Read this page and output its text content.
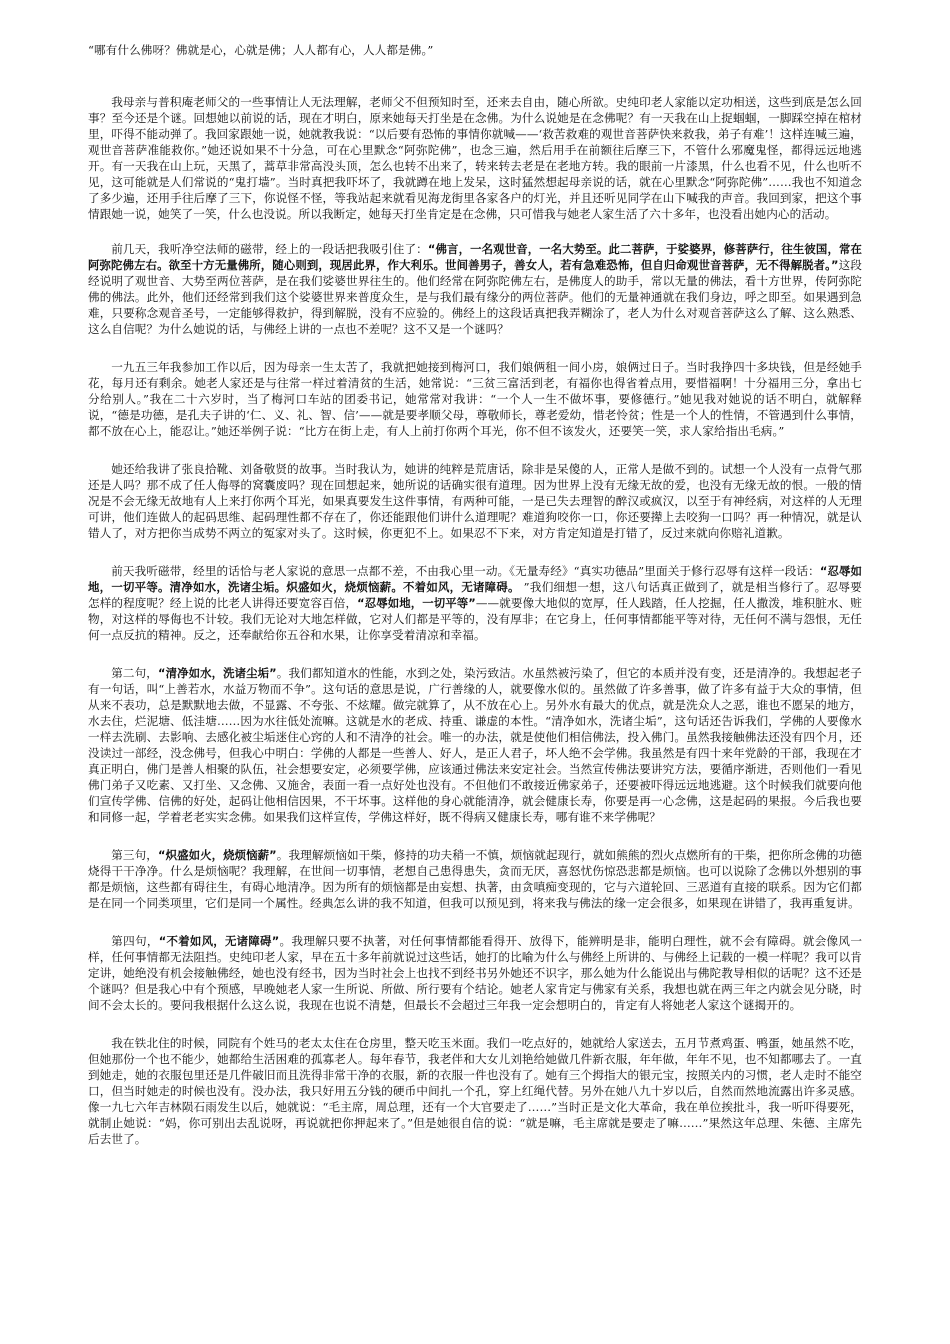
“哪有什么佛呀？佛就是心，心就是佛；人人都有心，人人都是佛。”

我母亲与普积庵老师父的一些事情让人无法理解，老师父不但预知时至，还来去自由，随心所欲。史纯印老人家能以定功相送，这些到底是怎么回事？至今还是个谜。回想她以前说的话，现在才明白，原来她每天打坐是在念佛。为什么说她是在念佛呢？有一天我在山上捉蝈蝈，一脚踩空掉在棺材里，吓得不能动弹了。我回家跟她一说，她就教我说：“以后要有恐怖的事情你就喊——‘救苦救难的观世音菩萨快来救我，弟子有难’！这样连喊三遍，观世音菩萨准能救你。”她还说如果不十分急，可在心里默念“阿弥陀佛”，也念三遍，然后用手在前额往后摩三下，不管什么邪魔鬼怪，都得远远地逃开。有一天我在山上玩，天黑了，蒿草非常高没头顶，怎么也转不出来了，转来转去老是在老地方转。我的眼前一片漆黑，什么也看不见，什么也听不见，这可能就是人们常说的“鬼打墙”。当时真把我吓坏了，我就蹲在地上发呆，这时猛然想起母亲说的话，就在心里默念“阿弥陀佛”……我也不知道念了多少遍，还用手往后摩了三下，你说怪不怪，等我站起来就看见海龙街里各家各户的灯光，并且还听见同学在山下喊我的声音。我回到家，把这个事情跟她一说，她笑了一笑，什么也没说。所以我断定，她每天打坐肯定是在念佛，只可惜我与她老人家生活了六十多年，也没看出她内心的活动。

前几天，我听净空法师的磁带，经上的一段话把我吸引住了：“佛言，一名观世音，一名大势至。此二菩萨，于娑婆界，修菩萨行，往生彼国，常在阿弥陀佛左右。欲至十方无量佛所，随心则到，现居此界，作大利乐。世间善男子，善女人，若有急难恐怖，但自归命观世音菩萨，无不得解脱者。”这段经说明了观世音、大势至两位菩萨，是在我们娑婆世界往生的。他们经常在阿弥陀佛左右，是佛度人的助手，常以无量的佛法，看十方世界，传阿弥陀佛的佛法。此外，他们还经常到我们这个娑婆世界来普度众生，是与我们最有缘分的两位菩萨。他们的无量神通就在我们身边，呼之即至。如果遇到急难，只要称念观音圣号，一定能够得救护，得到解脱，没有不应验的。佛经上的这段话真把我弄糊涂了，老人为什么对观音菩萨这么了解、这么熟悉、这么自信呢？为什么她说的话，与佛经上讲的一点也不差呢？这不又是一个谜吗？

一九五三年我参加工作以后，因为母亲一生太苦了，我就把她接到梅河口，我们娘俩租一间小房，娘俩过日子。当时我挣四十多块钱，但是经她手花，每月还有剩余。她老人家还是与往常一样过着清贫的生活，她常说：“三贫三富活到老，有福你也得省着点用，要惜福啊！十分福用三分，拿出七分给别人。”我在二十六岁时，当了梅河口车站的团委书记，她常常对我讲：“一个人一生不做坏事，要修德行。”她见我对她说的话不明白，就解释说，“德是功德，是孔夫子讲的‘仁、义、礼、智、信’——就是要孝顺父母，尊敬师长，尊老爱幼，惜老怜贫；性是一个人的性情，不管遇到什么事情，都不放在心上，能忍让。”她还举例子说：“比方在街上走，有人上前打你两个耳光，你不但不该发火，还要笑一笑，求人家给指出毛病。”

她还给我讲了张良拾靴、刘备敬贤的故事。当时我认为，她讲的纯粹是荒唐话，除非是呆傻的人，正常人是做不到的。试想一个人没有一点骨气那还是人吗？那不成了任人侮辱的窝囊废吗？现在回想起来，她所说的话确实很有道理。因为世界上没有无缘无故的爱，也没有无缘无故的恨。一般的情况是不会无缘无故地有人上来打你两个耳光，如果真要发生这件事情，有两种可能，一是已失去理智的醉汉或疯汉，以至于有神经病，对这样的人无理可讲，他们连做人的起码思维、起码理性都不存在了，你还能跟他们讲什么道理呢？难道狗咬你一口，你还要撵上去咬狗一口吗？再一种情况，就是认错人了，对方把你当成势不两立的冤家对头了。这时候，你更犯不上。如果忍不下来，对方肯定知道是打错了，反过来就向你赔礼道歉。

前天我听磁带，经里的话恰与老人家说的意思一点都不差，不由我心里一动。《无量寿经》“真实功德品”里面关于修行忍辱有这样一段话：“忍辱如地，一切平等。清净如水，洗诸尘垢。炽盛如火，烧烦恼薪。不着如风，无诸障碍。 ”我们细想一想，这八句话真正做到了，就是相当修行了。忍辱要怎样的程度呢？经上说的比老人讲得还要宽容百倍，“忍辱如地，一切平等”——就要像大地似的宽厚，任人践踏，任人挖掘，任人撒泼，堆积脏水、赃物，对这样的辱侮也不计较。我们无论对大地怎样做，它对人们都是平等的，没有厚非；在它身上，任何事情都能平等对待，无任何不满与怨恨，无任何一点反抗的精神。反之，还奉献给你五谷和水果，让你享受着清凉和幸福。

第二句，“清净如水，洗诸尘垢”。我们都知道水的性能，水到之处，染污致洁。水虽然被污染了，但它的本质并没有变，还是清净的。我想起老子有一句话，叫“上善若水，水益万物而不争”。这句话的意思是说，广行善缘的人，就要像水似的。虽然做了许多善事，做了许多有益于大众的事情，但从来不表功，总是默默地去做，不显露、不夸张、不炫耀。做完就算了，从不放在心上。另外水有最大的优点，就是洗众人之恶，谁也不愿呆的地方，水去住，烂泥塘、低洼塘……因为水往低处流嘛。这就是水的老成、持重、谦虚的本性。“清净如水，洗诸尘垢”，这句话还告诉我们，学佛的人要像水一样去洗刷、去影响、去感化被尘垢迷住心窍的人和不清净的社会。唯一的办法，就是使他们相信佛法，投入佛门。虽然我接触佛法还没有四个月，还没读过一部经，没念佛号，但我心中明白：学佛的人都是一些善人、好人，是正人君子，坏人绝不会学佛。我虽然是有四十来年党龄的干部，我现在才真正明白，佛门是善人相聚的队伍，社会想要安定，必须要学佛，应该通过佛法来安定社会。当然宣传佛法要讲究方法，要循序渐进，否则他们一看见佛门弟子又吃素、又打坐、又念佛、又施舍，表面一看一点好处也没有。不但他们不敢接近佛家弟子，还要被吓得远远地逃避。这个时候我们就要向他们宣传学佛、信佛的好处，起码让他相信因果，不干坏事。这样他的身心就能清净，就会健康长寿，你要是再一心念佛，这是起码的果报。今后我也要和同修一起，学着老老实实念佛。如果我们这样宣传，学佛这样好，既不得病又健康长寿，哪有谁不来学佛呢？

第三句，“炽盛如火，烧烦恼薪”。我理解烦恼如干柴，修持的功夫稍一不慎，烦恼就起现行，就如熊熊的烈火点燃所有的干柴，把你所念佛的功德烧得干干净净。什么是烦恼呢？我理解，在世间一切事情，老想自己患得患失，贪而无厌，喜怒忧伤惊恐悲都是烦恼。也可以说除了念佛以外想别的事都是烦恼，这些都有碍往生，有碍心地清净。因为所有的烦恼都是由妄想、执著，由贪嗔痴变现的，它与六道轮回、三恶道有直接的联系。因为它们都是在同一个同类项里，它们是同一个属性。经典怎么讲的我不知道，但我可以预见到，将来我与佛法的缘一定会很多，如果现在讲错了，我再重复讲。

第四句，“不着如风，无诸障碍”。我理解只要不执著，对任何事情都能看得开、放得下，能辨明是非，能明白理性，就不会有障碍。就会像风一样，任何事情都无法阻挡。史纯印老人家，早在五十多年前就说过这些话，她打的比喻为什么与佛经上所讲的、与佛经上记载的一模一样呢？我可以肯定讲，她绝没有机会接触佛经，她也没有经书，因为当时社会上也找不到经书另外她还不识字，那么她为什么能说出与佛陀教导相似的话呢？这不还是个谜吗？但是我心中有个预感，早晚她老人家一生所说、所做、所行要有个结论。她老人家肯定与佛家有关系，我想也就在两三年之内就会见分晓，时间不会太长的。要问我根据什么这么说，我现在也说不清楚，但最长不会超过三年我一定会想明白的，肯定有人将她老人家这个谜揭开的。

我在铁北住的时候，同院有个姓马的老太太住在仓房里，整天吃玉米面。我们一吃点好的，她就给人家送去，五月节煮鸡蛋、鸭蛋，她虽然不吃，但她那份一个也不能少，她都给生活困难的孤寡老人。每年春节，我老伴和大女儿刘艳给她做几件新衣服，年年做，年年不见，也不知都哪去了。一直到她走，她的衣服包里还是几件破旧而且洗得非常干净的衣服，新的衣服一件也没有了。她有三个拇指大的银元宝，按照关内的习惯，老人走时不能空口，但当时她走的时候也没有。没办法，我只好用五分钱的硬币中间扎一个孔，穿上红绳代替。另外在她八九十岁以后，自然而然地流露出许多灵感。像一九七六年吉林陨石雨发生以后，她就说：“毛主席，周总理，还有一个大官要走了……”当时正是文化大革命，我在单位挨批斗，我一听吓得要死，就制止她说：“妈，你可别出去乱说呀，再说就把你押起来了。”但是她很自信的说：“就是嘛，毛主席就是要走了嘛……”果然这年总理、朱德、主席先后去世了。
